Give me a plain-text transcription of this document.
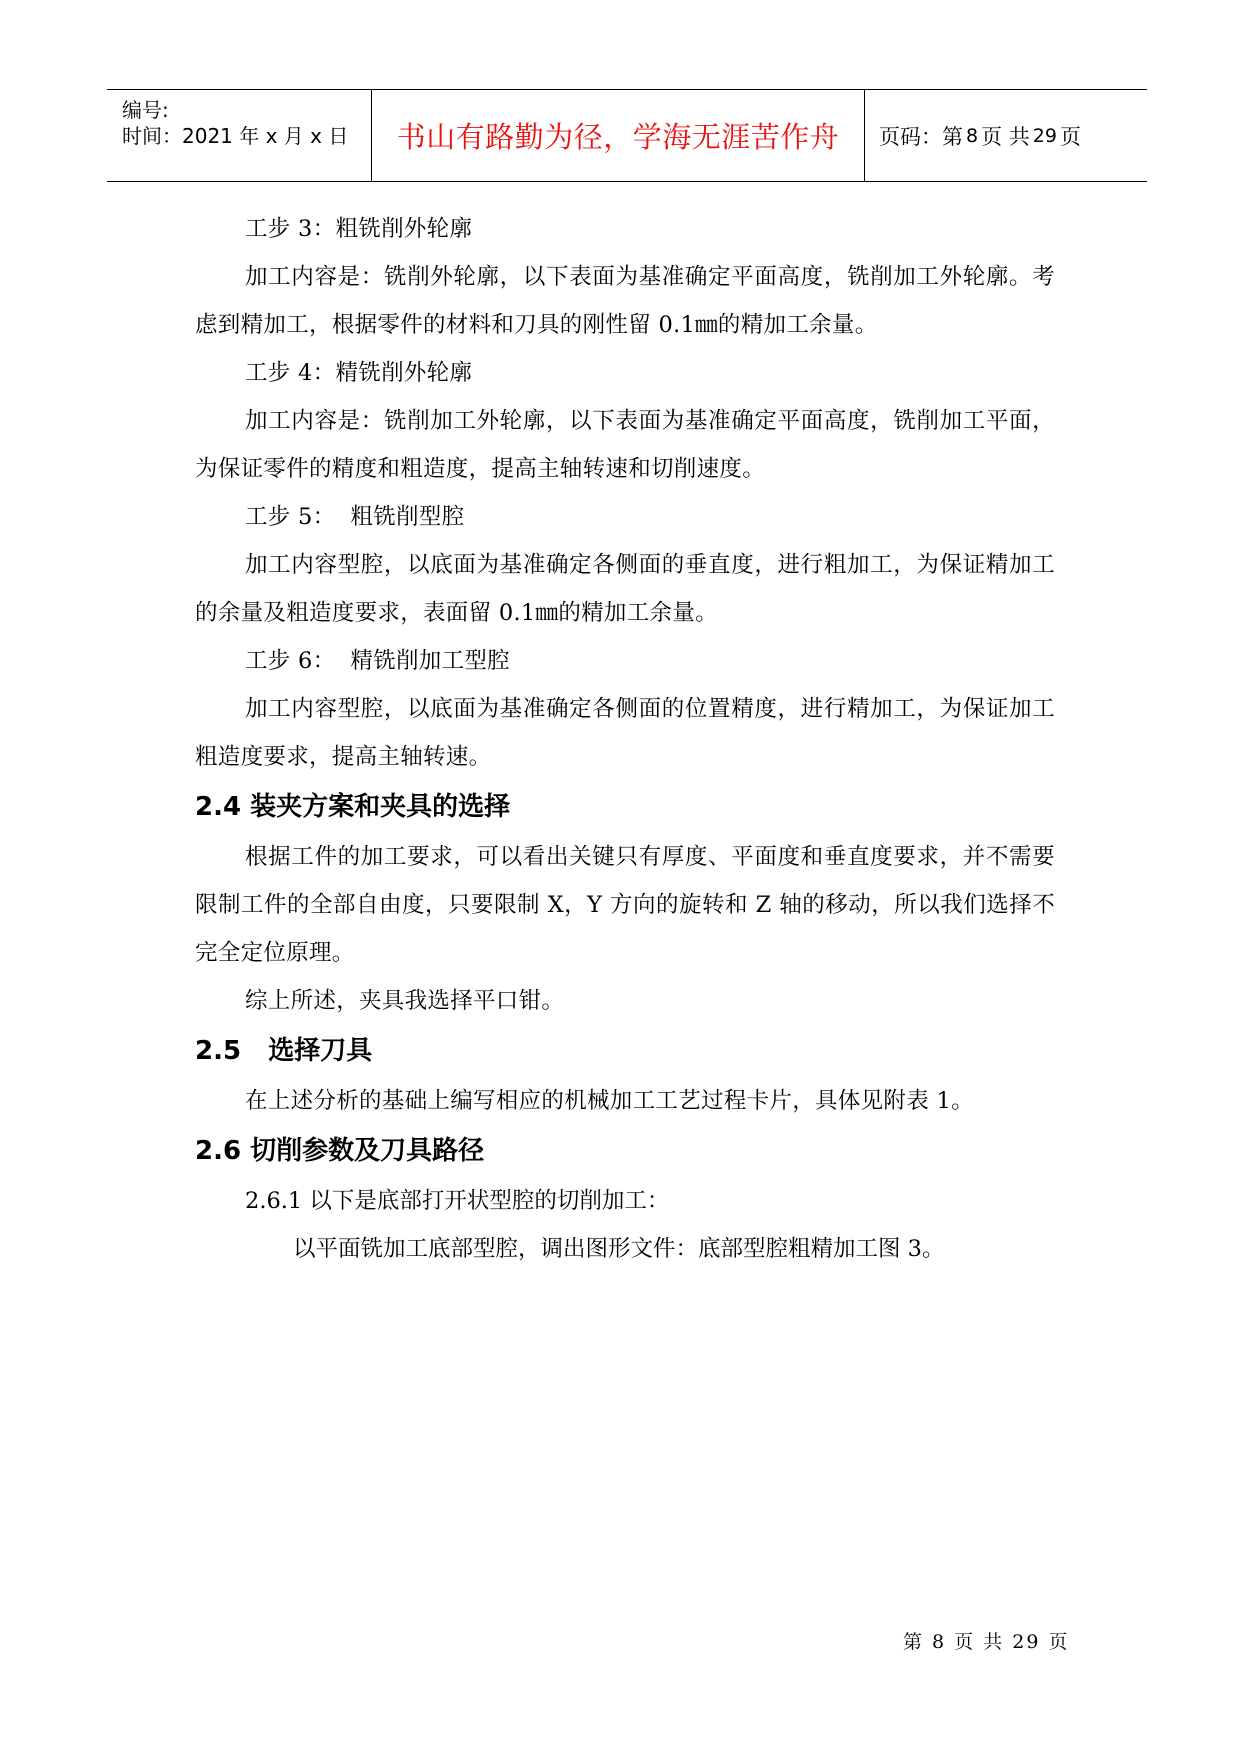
编号:
时间：2021 年 x 月 x 日	书山有路勤为径，学海无涯苦作舟	页码：第 8 页 共 29 页

工步 3：粗铣削外轮廓

加工内容是：铣削外轮廓，以下表面为基准确定平面高度，铣削加工外轮廓。考虑到精加工，根据零件的材料和刀具的刚性留 0.1㎜的精加工余量。

工步 4：精铣削外轮廓

加工内容是：铣削加工外轮廓，以下表面为基准确定平面高度，铣削加工平面，为保证零件的精度和粗造度，提高主轴转速和切削速度。

工步 5：  粗铣削型腔

加工内容型腔，以底面为基准确定各侧面的垂直度，进行粗加工，为保证精加工的余量及粗造度要求，表面留 0.1㎜的精加工余量。

工步 6：  精铣削加工型腔

加工内容型腔，以底面为基准确定各侧面的位置精度，进行精加工，为保证加工粗造度要求，提高主轴转速。

2.4 装夹方案和夹具的选择

根据工件的加工要求，可以看出关键只有厚度、平面度和垂直度要求，并不需要限制工件的全部自由度，只要限制 X，Y 方向的旋转和 Z 轴的移动，所以我们选择不完全定位原理。

综上所述，夹具我选择平口钳。

2.5   选择刀具

在上述分析的基础上编写相应的机械加工工艺过程卡片，具体见附表 1。

2.6 切削参数及刀具路径

2.6.1 以下是底部打开状型腔的切削加工：

以平面铣加工底部型腔，调出图形文件：底部型腔粗精加工图 3。

第 8 页 共 29 页
